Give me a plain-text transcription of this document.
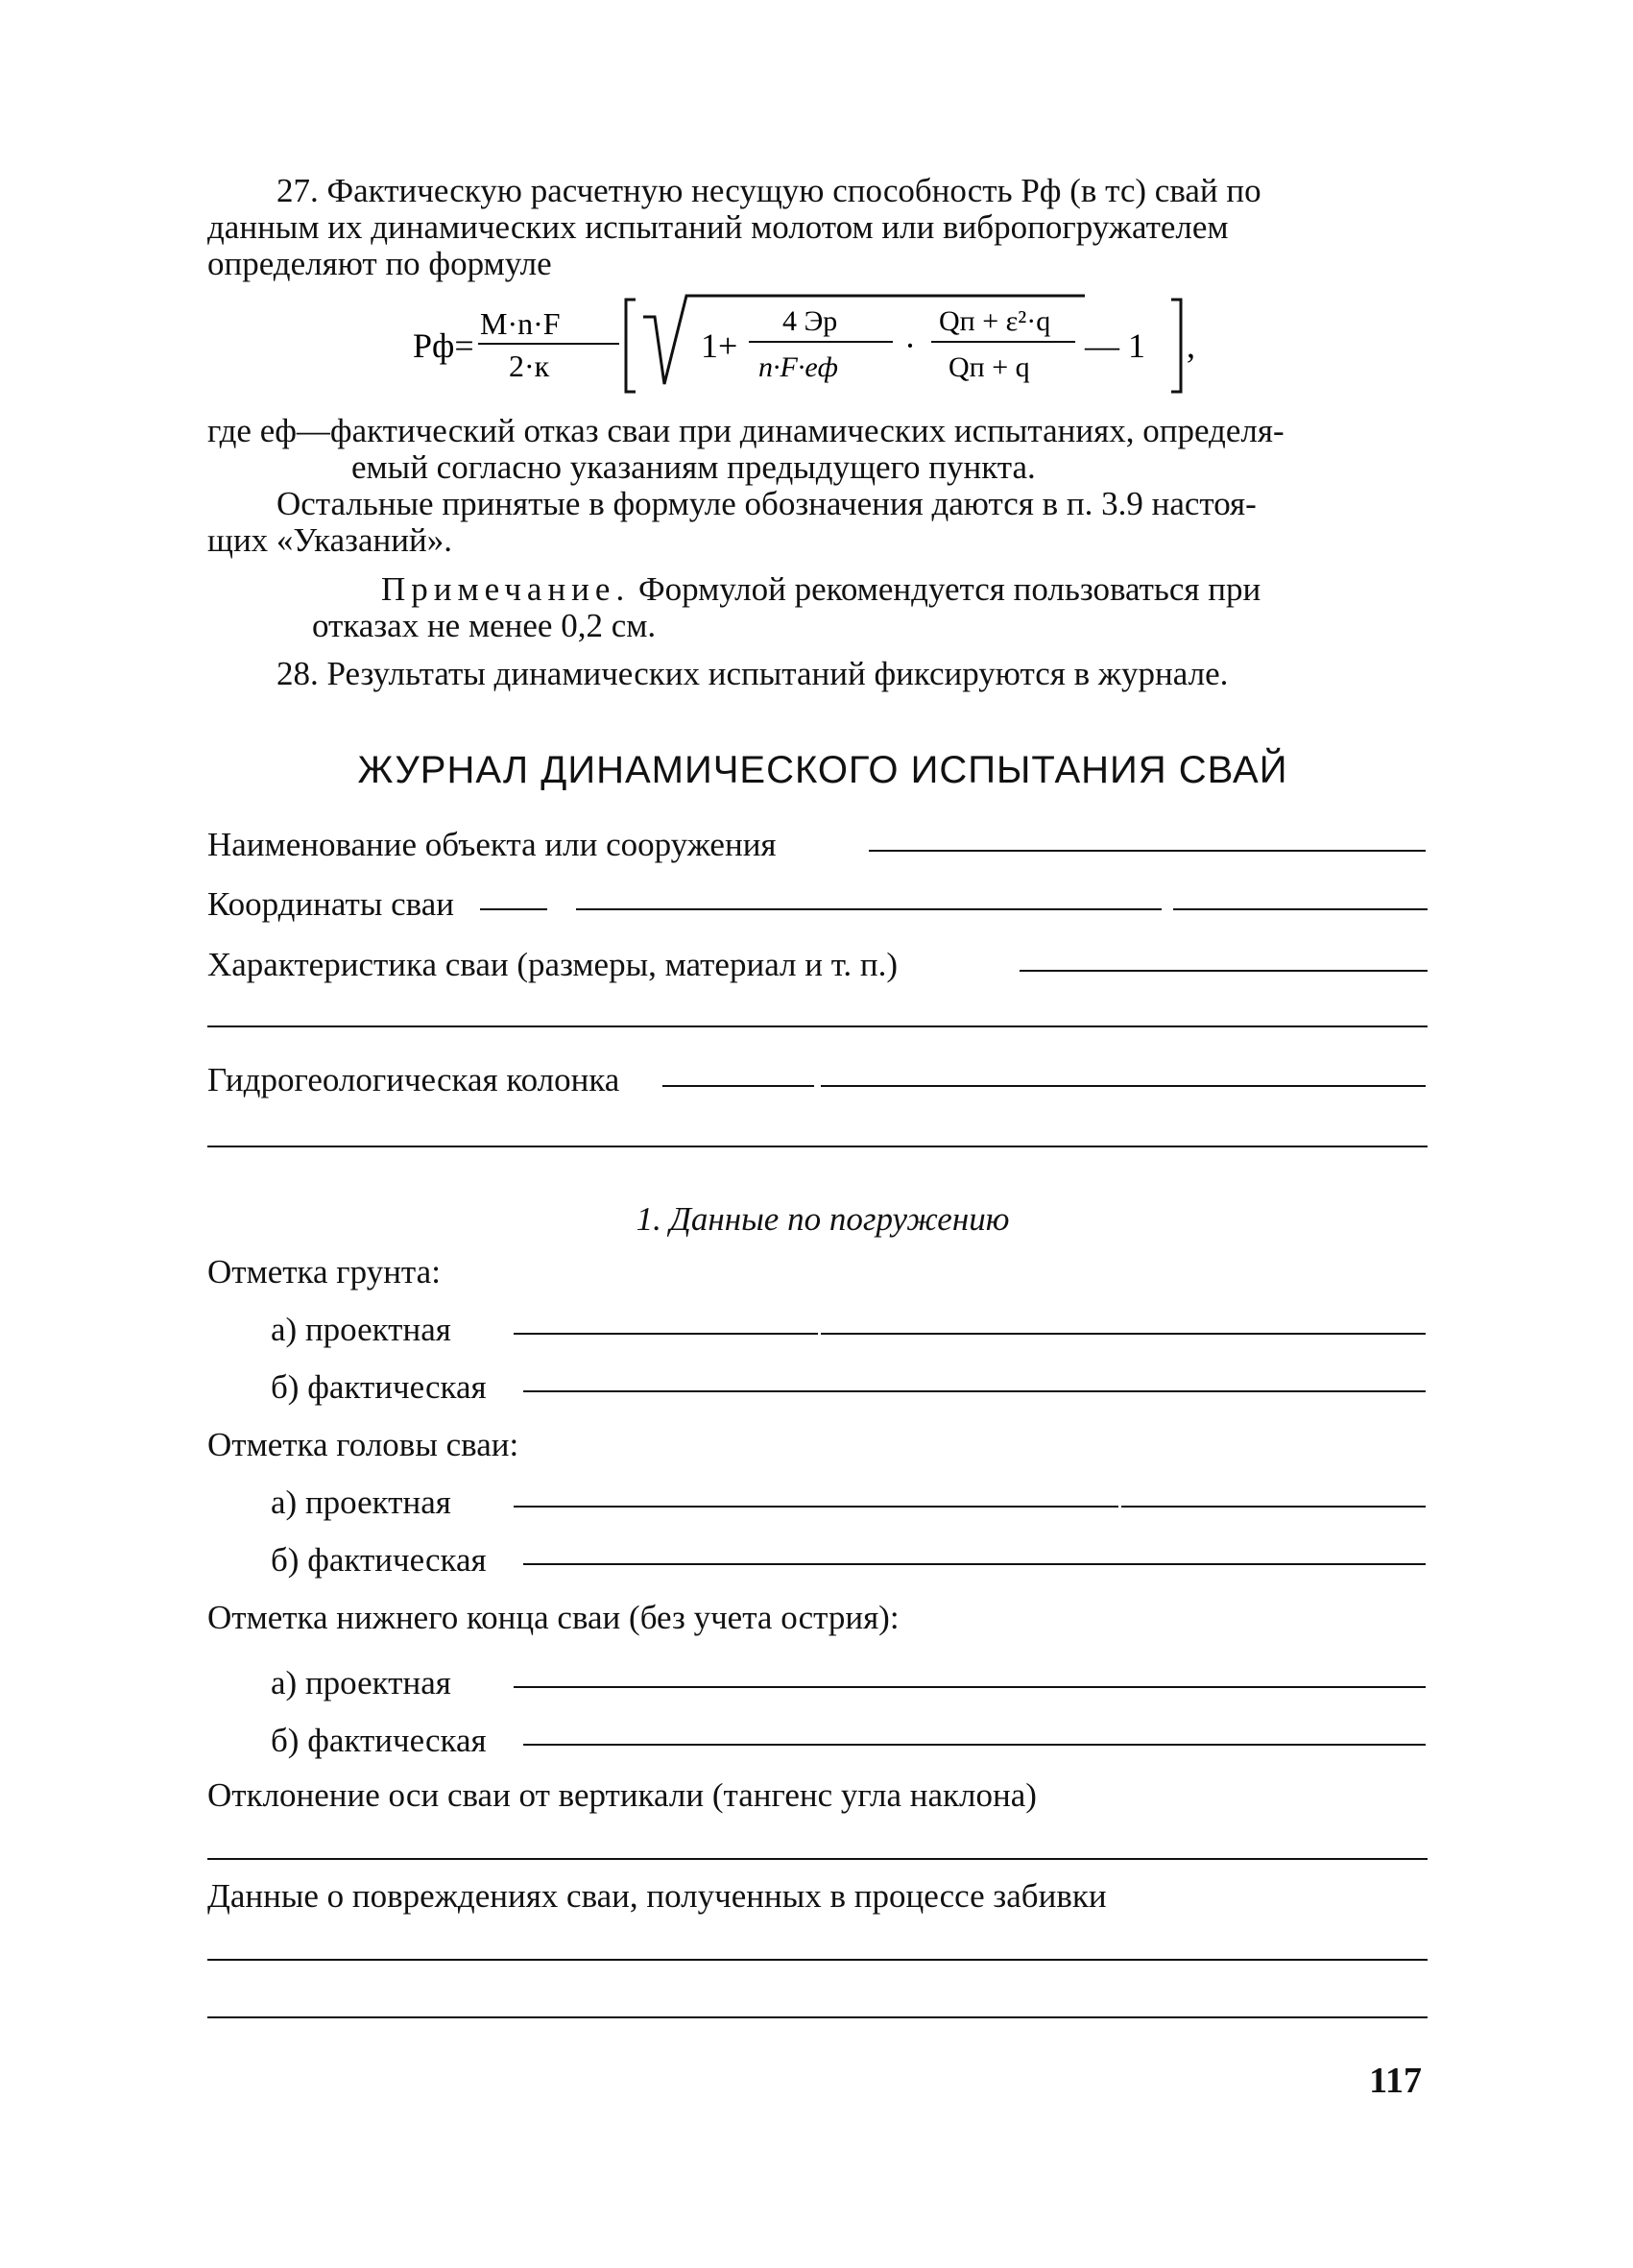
27. Фактическую расчетную несущую способность Pф (в тс) свай по
данным их динамических испытаний молотом или вибропогружателем
определяют по формуле
Pф=
M·n·F
2·к
1+
4 Эр
n·F·eф
·
Qп + ε²·q
Qп + q
— 1 ,
где eф—фактический отказ сваи при динамических испытаниях, определя-
емый согласно указаниям предыдущего пункта.
Остальные принятые в формуле обозначения даются в п. 3.9 настоя-
щих «Указаний».
Примечание. Формулой рекомендуется пользоваться при
отказах не менее 0,2 см.
28. Результаты динамических испытаний фиксируются в журнале.
ЖУРНАЛ ДИНАМИЧЕСКОГО ИСПЫТАНИЯ СВАЙ
Наименование объекта или сооружения
Координаты сваи
Характеристика сваи (размеры, материал и т. п.)
Гидрогеологическая колонка
1. Данные по погружению
Отметка грунта:
а) проектная
б) фактическая
Отметка головы сваи:
а) проектная
б) фактическая
Отметка нижнего конца сваи (без учета острия):
а) проектная
б) фактическая
Отклонение оси сваи от вертикали (тангенс угла наклона)
Данные о повреждениях сваи, полученных в процессе забивки
117
